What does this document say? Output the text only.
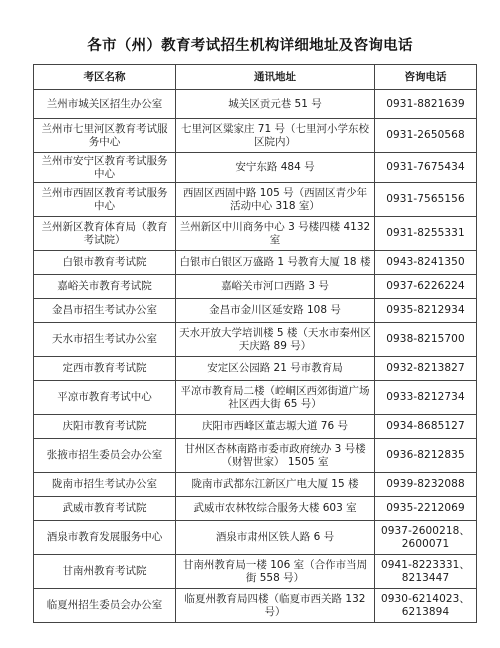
各市（州）教育考试招生机构详细地址及咨询电话
考区名称	通讯地址	咨询电话
兰州市城关区招生办公室	城关区贡元巷 51 号	0931-8821639

兰州市七里河区教育考试服务中心	七里河区粱家庄 71 号（七里河小学东校区院内）	0931-2650568

兰州市安宁区教育考试服务中心	安宁东路 484 号	0931-7675434

兰州市西固区教育考试服务中心	西固区西固中路 105 号（西固区青少年活动中心 318 室）	0931-7565156

兰州新区教育体育局（教育考试院）	兰州新区中川商务中心 3 号楼四楼 4132 室	0931-8255331

白银市教育考试院	白银市白银区万盛路 1 号教育大厦 18 楼	0943-8241350

嘉峪关市教育考试院	嘉峪关市河口西路 3 号	0937-6226224

金昌市招生考试办公室	金昌市金川区延安路 108 号	0935-8212934

天水市招生考试办公室	天水开放大学培训楼 5 楼（天水市秦州区天庆路 89 号）	0938-8215700

定西市教育考试院	安定区公园路 21 号市教育局	0932-8213827

平凉市教育考试中心	平凉市教育局二楼（崆峒区西郊街道广场社区西大街 65 号）	0933-8212734

庆阳市教育考试院	庆阳市西峰区董志塬大道 76 号	0934-8685127

张掖市招生委员会办公室	甘州区杏林南路市委市政府统办 3 号楼（财智世家） 1505 室	0936-8212835

陇南市招生考试办公室	陇南市武都东江新区广电大厦 15 楼	0939-8232088

武威市教育考试院	武威市农林牧综合服务大楼 603 室	0935-2212069

酒泉市教育发展服务中心	酒泉市肃州区铁人路 6 号	0937-2600218、
2600071

甘南州教育考试院	甘南州教育局一楼 106 室（合作市当周街 558 号）	0941-8223331、
8213447

临夏州招生委员会办公室	临夏州教育局四楼（临夏市西关路 132 号）	0930-6214023、
6213894
